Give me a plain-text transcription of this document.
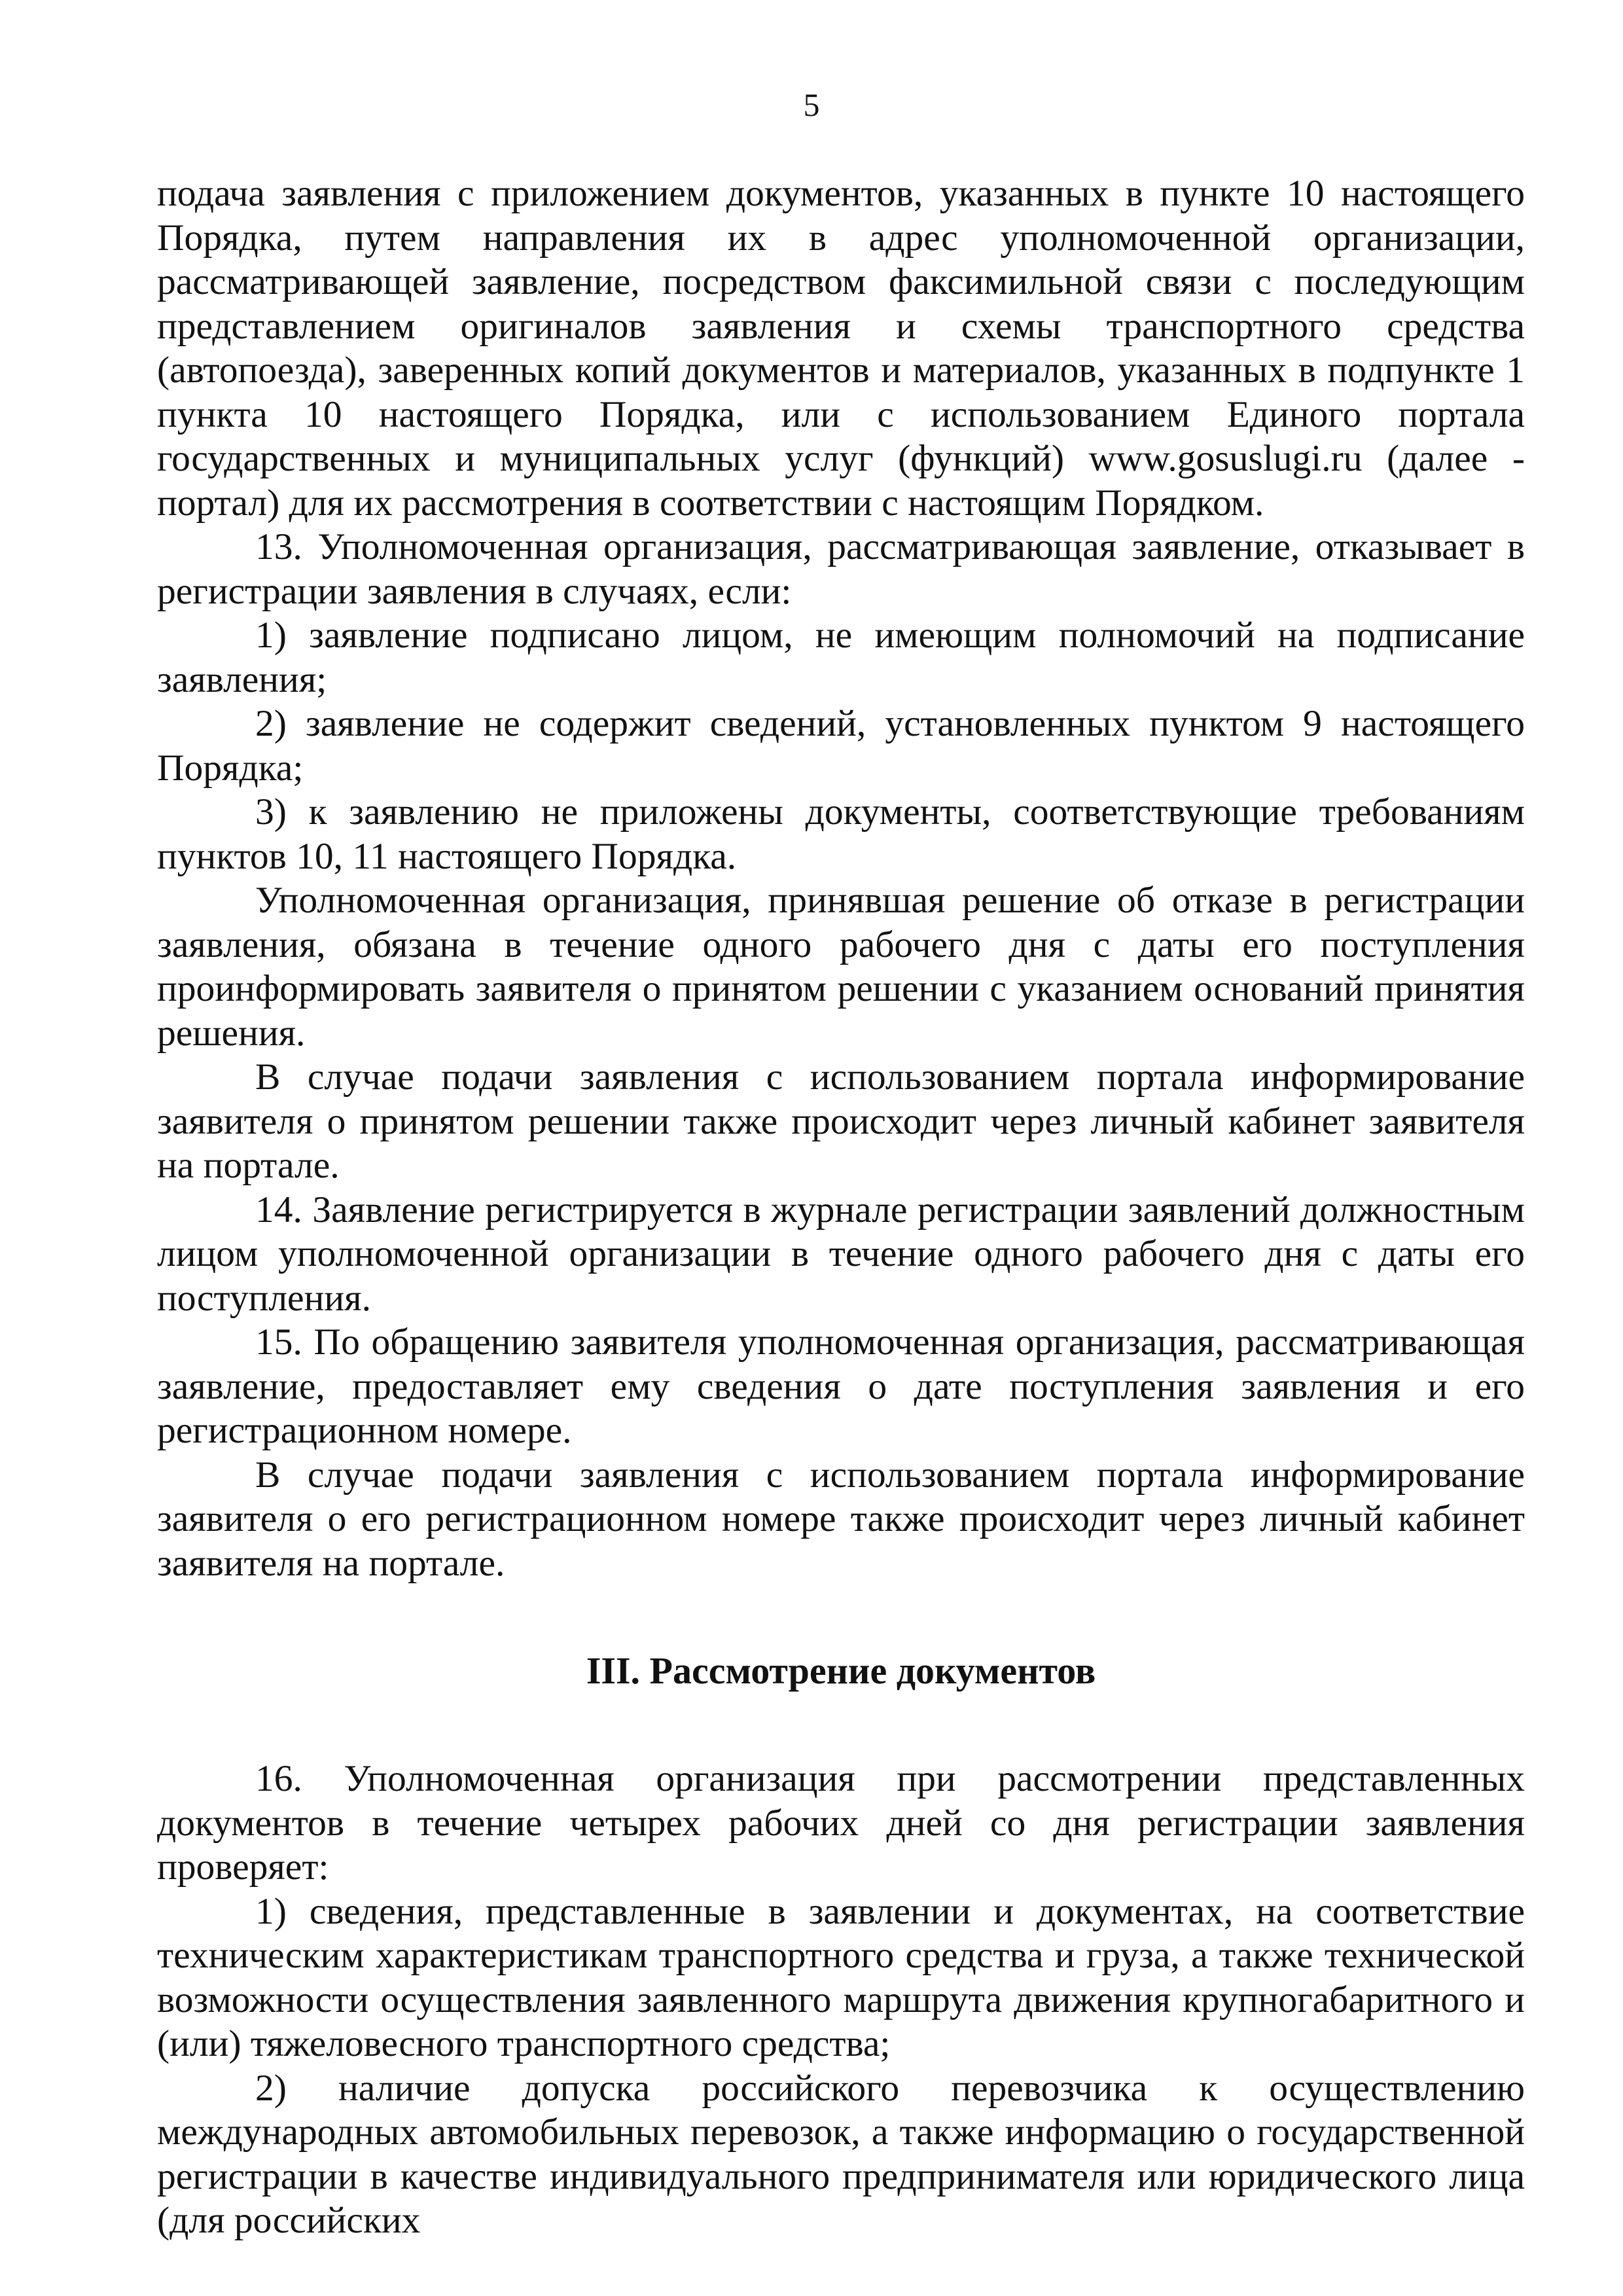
5

подача заявления с приложением документов, указанных в пункте 10 настоящего Порядка, путем направления их в адрес уполномоченной организации, рассматривающей заявление, посредством факсимильной связи с последующим представлением оригиналов заявления и схемы транспортного средства (автопоезда), заверенных копий документов и материалов, указанных в подпункте 1 пункта 10 настоящего Порядка, или с использованием Единого портала государственных и муниципальных услуг (функций) www.gosuslugi.ru (далее - портал) для их рассмотрения в соответствии с настоящим Порядком.

13. Уполномоченная организация, рассматривающая заявление, отказывает в регистрации заявления в случаях, если:

1) заявление подписано лицом, не имеющим полномочий на подписание заявления;

2) заявление не содержит сведений, установленных пунктом 9 настоящего Порядка;

3) к заявлению не приложены документы, соответствующие требованиям пунктов 10, 11 настоящего Порядка.

Уполномоченная организация, принявшая решение об отказе в регистрации заявления, обязана в течение одного рабочего дня с даты его поступления проинформировать заявителя о принятом решении с указанием оснований принятия решения.

В случае подачи заявления с использованием портала информирование заявителя о принятом решении также происходит через личный кабинет заявителя на портале.

14. Заявление регистрируется в журнале регистрации заявлений должностным лицом уполномоченной организации в течение одного рабочего дня с даты его поступления.

15. По обращению заявителя уполномоченная организация, рассматривающая заявление, предоставляет ему сведения о дате поступления заявления и его регистрационном номере.

В случае подачи заявления с использованием портала информирование заявителя о его регистрационном номере также происходит через личный кабинет заявителя на портале.

III. Рассмотрение документов

16. Уполномоченная организация при рассмотрении представленных документов в течение четырех рабочих дней со дня регистрации заявления проверяет:

1) сведения, представленные в заявлении и документах, на соответствие техническим характеристикам транспортного средства и груза, а также технической возможности осуществления заявленного маршрута движения крупногабаритного и (или) тяжеловесного транспортного средства;

2) наличие допуска российского перевозчика к осуществлению международных автомобильных перевозок, а также информацию о государственной регистрации в качестве индивидуального предпринимателя или юридического лица (для российских
